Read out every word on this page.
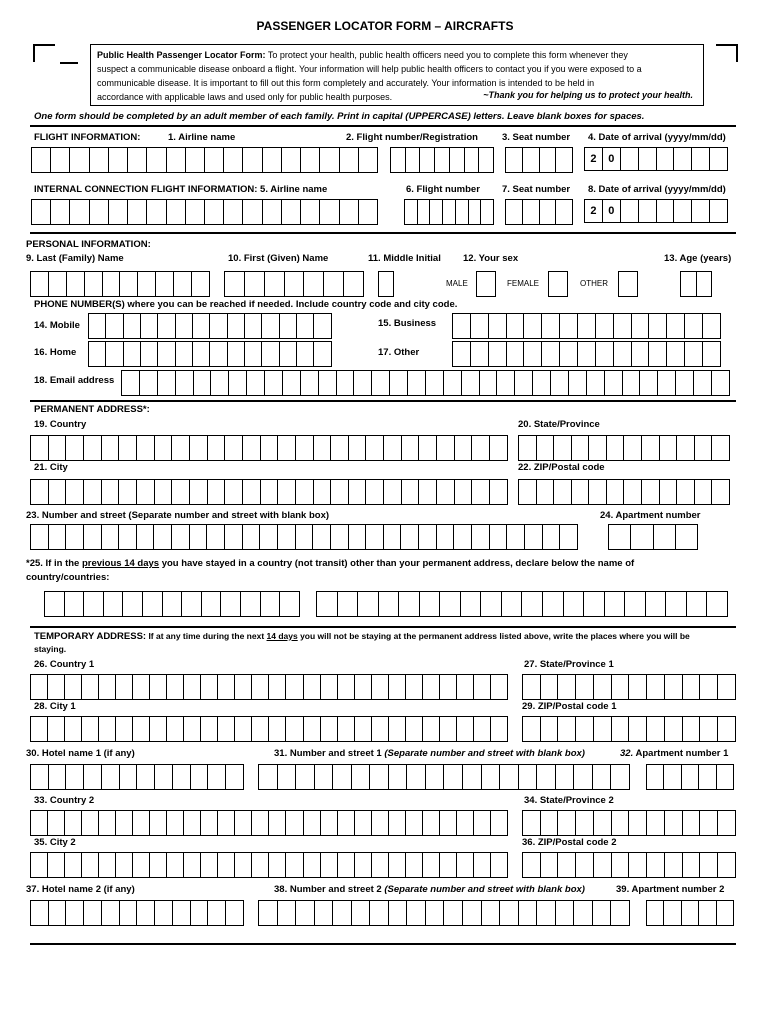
PASSENGER LOCATOR FORM – AIRCRAFTS
Public Health Passenger Locator Form: To protect your health, public health officers need you to complete this form whenever they
suspect a communicable disease onboard a flight. Your information will help public health officers to contact you if you were exposed to a
communicable disease. It is important to fill out this form completely and accurately. Your information is intended to be held in
accordance with applicable laws and used only for public health purposes.	~Thank you for helping us to protect your health.
One form should be completed by an adult member of each family. Print in capital (UPPERCASE) letters. Leave blank boxes for spaces.
FLIGHT INFORMATION:	1. Airline name	2. Flight number/Registration	3. Seat number 4. Date of arrival (yyyy/mm/dd)
2	0
INTERNAL CONNECTION FLIGHT INFORMATION: 5. Airline name	6. Flight number 7. Seat number 8. Date of arrival (yyyy/mm/dd)
2	0
PERSONAL INFORMATION:
9. Last (Family) Name	10. First (Given) Name	11. Middle Initial 12. Your sex	13. Age (years)
MALE	FEMALE	OTHER
PHONE NUMBER(S) where you can be reached if needed. Include country code and city code.
14. Mobile	15. Business
16. Home	17. Other
18. Email address
PERMANENT ADDRESS*:
19. Country	20. State/Province
21. City	22. ZIP/Postal code
23. Number and street (Separate number and street with blank box)	24. Apartment number
*25. If in the previous 14 days you have stayed in a country (not transit) other than your permanent address, declare below the name of
country/countries:
TEMPORARY ADDRESS: If at any time during the next 14 days you will not be staying at the permanent address listed above, write the places where you will be
staying.
26. Country 1	27. State/Province 1
28. City 1	29. ZIP/Postal code 1
30. Hotel name 1 (if any)	31. Number and street 1 (Separate number and street with blank box)	32. Apartment number 1
33. Country 2	34. State/Province 2
35. City 2	36. ZIP/Postal code 2
37. Hotel name 2 (if any)	38. Number and street 2 (Separate number and street with blank box)	39. Apartment number 2
